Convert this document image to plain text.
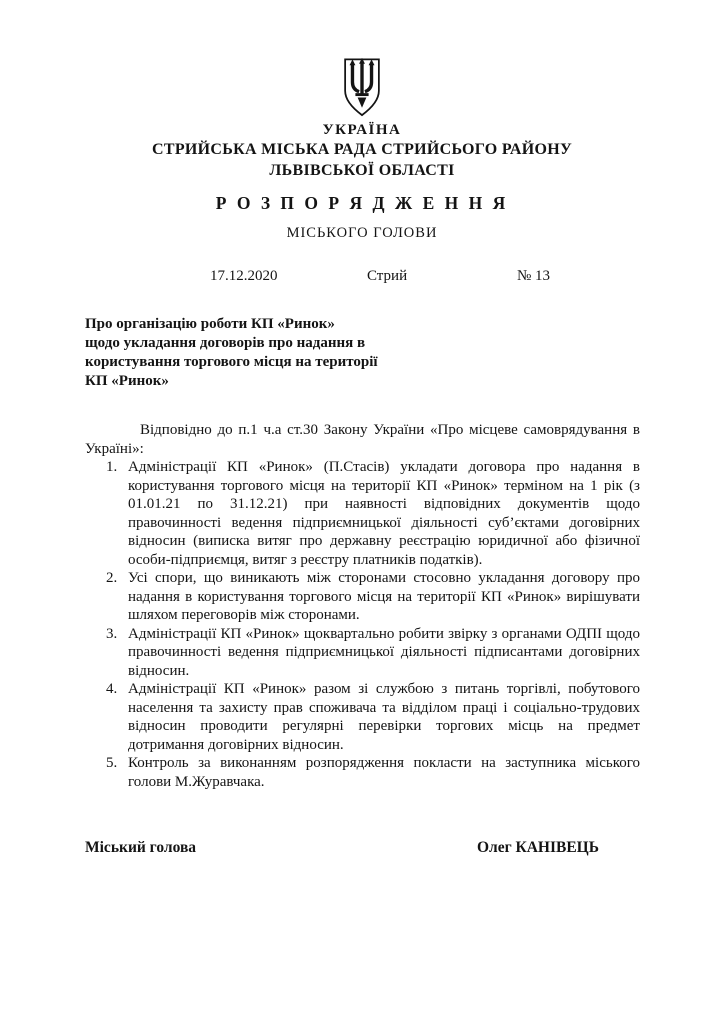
УКРАЇНА
СТРИЙСЬКА МІСЬКА РАДА СТРИЙСЬОГО РАЙОНУ
ЛЬВІВСЬКОЇ ОБЛАСТІ
Р О З П О Р Я Д Ж Е Н Н Я
МІСЬКОГО ГОЛОВИ
17.12.2020	Стрий	№ 13
Про організацію роботи КП «Ринок»
щодо укладання договорів про надання в
користування торгового місця на території
КП «Ринок»

Відповідно до п.1 ч.а ст.30 Закону України «Про місцеве самоврядування в Україні»:

1. Адміністрації КП «Ринок» (П.Стасів) укладати договора про надання в користування торгового місця на території КП «Ринок» терміном на 1 рік (з 01.01.21 по 31.12.21) при наявності відповідних документів щодо правочинності ведення підприємницької діяльності суб’єктами договірних відносин (виписка витяг про державну реєстрацію юридичної або фізичної особи-підприємця, витяг з реєстру платників податків).
2. Усі спори, що виникають між сторонами стосовно укладання договору про надання в користування торгового місця на території КП «Ринок» вирішувати шляхом переговорів між сторонами.
3. Адміністрації КП «Ринок» щоквартально робити звірку з органами ОДПІ щодо правочинності ведення підприємницької діяльності підписантами договірних відносин.
4. Адміністрації КП «Ринок» разом зі службою з питань торгівлі, побутового населення та захисту прав споживача та відділом праці і соціально-трудових відносин проводити регулярні перевірки торгових місць на предмет дотримання договірних відносин.
5. Контроль за виконанням розпорядження покласти на заступника міського голови М.Журавчака.
Міський голова	Олег КАНІВЕЦЬ
